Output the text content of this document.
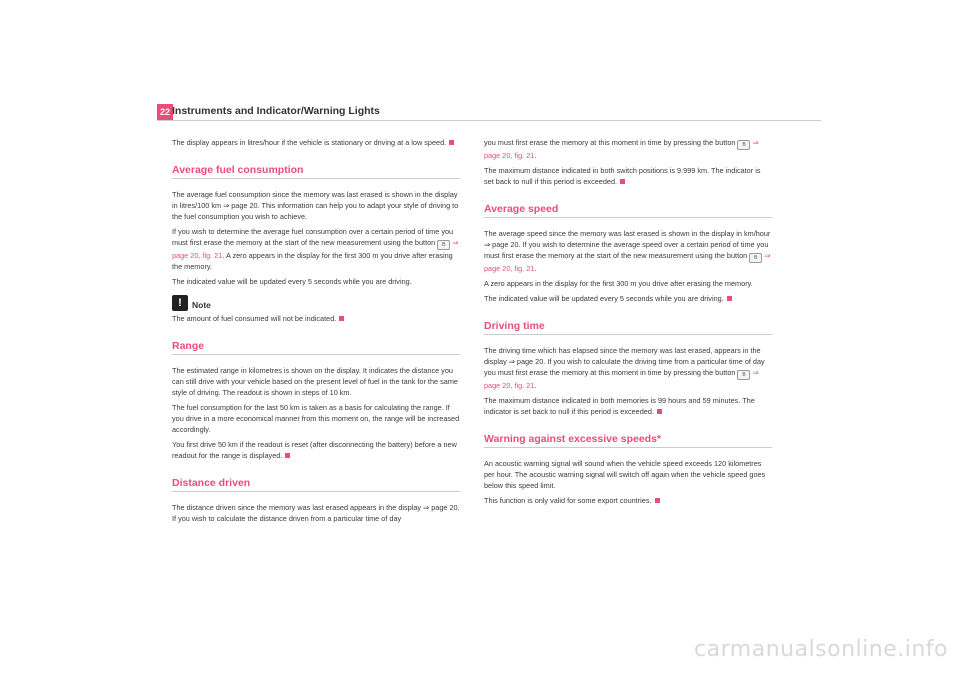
22 Instruments and Indicator/Warning Lights

The display appears in litres/hour if the vehicle is stationary or driving at a low speed.

Average fuel consumption

The average fuel consumption since the memory was last erased is shown in the display in litres/100 km ⇒ page 20. This information can help you to adapt your style of driving to the fuel consumption you wish to achieve.

If you wish to determine the average fuel consumption over a certain period of time you must first erase the memory at the start of the new measurement using the button B ⇒ page 20, fig. 21. A zero appears in the display for the first 300 m you drive after erasing the memory.

The indicated value will be updated every 5 seconds while you are driving.

!	Note

The amount of fuel consumed will not be indicated.

Range

The estimated range in kilometres is shown on the display. It indicates the distance you can still drive with your vehicle based on the present level of fuel in the tank for the same style of driving. The readout is shown in steps of 10 km.

The fuel consumption for the last 50 km is taken as a basis for calculating the range. If you drive in a more economical manner from this moment on, the range will be increased accordingly.

You first drive 50 km if the readout is reset (after disconnecting the battery) before a new readout for the range is displayed.

Distance driven

The distance driven since the memory was last erased appears in the display ⇒ page 20. If you wish to calculate the distance driven from a particular time of day

you must first erase the memory at this moment in time by pressing the button B ⇒ page 20, fig. 21.

The maximum distance indicated in both switch positions is 9.999 km. The indicator is set back to null if this period is exceeded.

Average speed

The average speed since the memory was last erased is shown in the display in km/hour ⇒ page 20. If you wish to determine the average speed over a certain period of time you must first erase the memory at the start of the new measurement using the button B ⇒ page 20, fig. 21.

A zero appears in the display for the first 300 m you drive after erasing the memory.

The indicated value will be updated every 5 seconds while you are driving.

Driving time

The driving time which has elapsed since the memory was last erased, appears in the display ⇒ page 20. If you wish to calculate the driving time from a particular time of day you must first erase the memory at this moment in time by pressing the button B ⇒ page 20, fig. 21.

The maximum distance indicated in both memories is 99 hours and 59 minutes. The indicator is set back to null if this period is exceeded.

Warning against excessive speeds*

An acoustic warning signal will sound when the vehicle speed exceeds 120 kilometres per hour. The acoustic warning signal will switch off again when the vehicle speed goes below this speed limit.

This function is only valid for some export countries.

carmanualsonline.info
